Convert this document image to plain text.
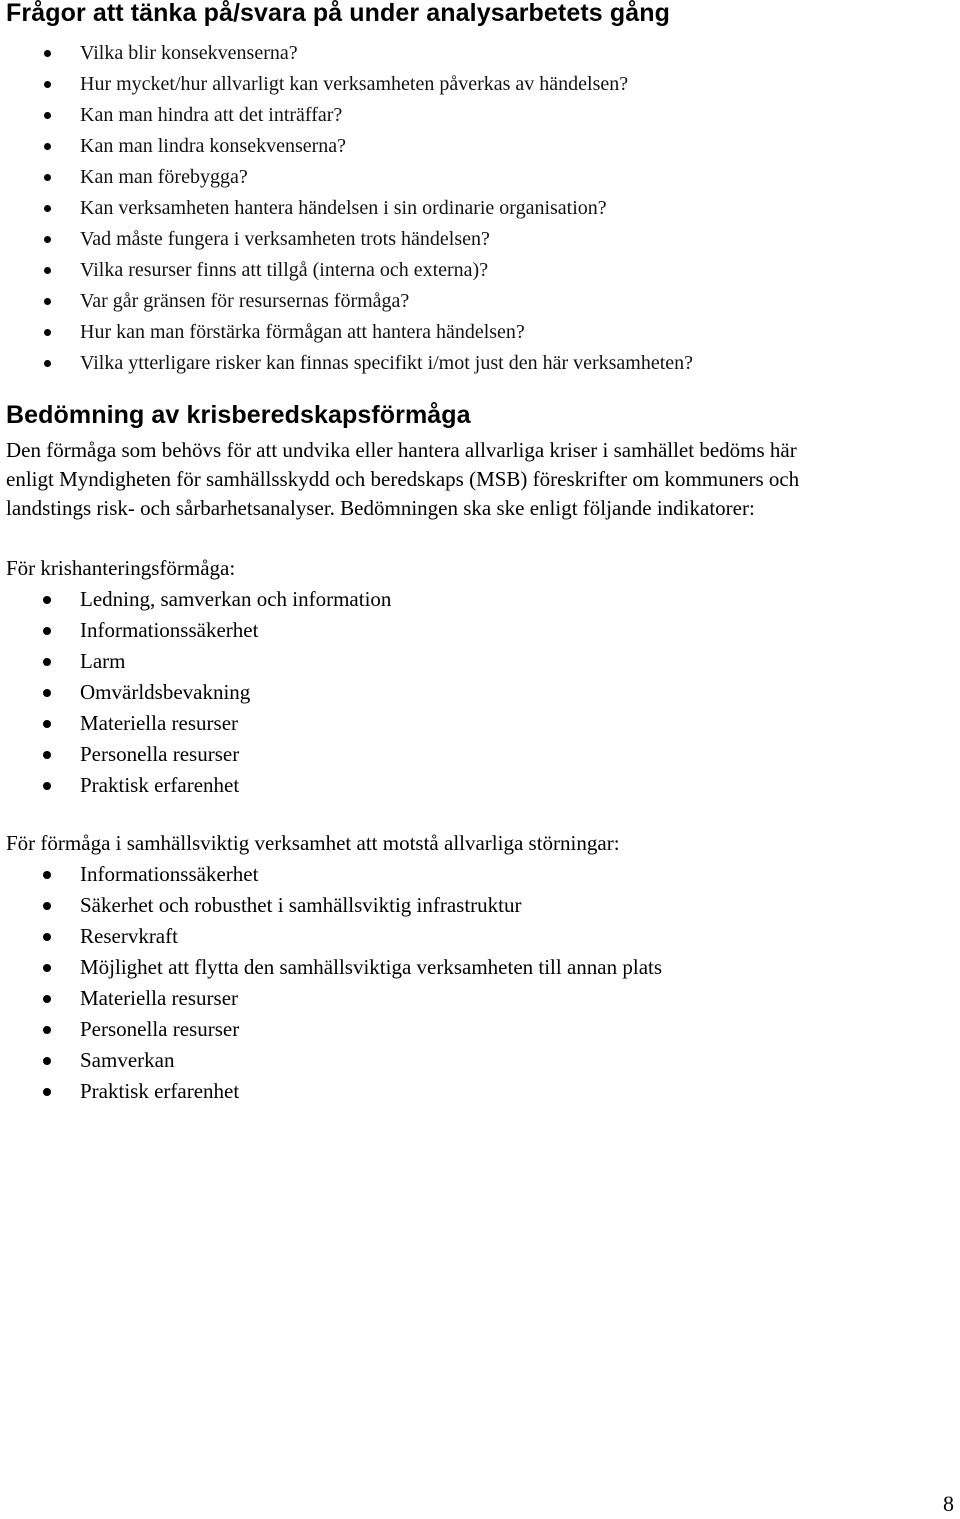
Frågor att tänka på/svara på under analysarbetets gång
Vilka blir konsekvenserna?
Hur mycket/hur allvarligt kan verksamheten påverkas av händelsen?
Kan man hindra att det inträffar?
Kan man lindra konsekvenserna?
Kan man förebygga?
Kan verksamheten hantera händelsen i sin ordinarie organisation?
Vad måste fungera i verksamheten trots händelsen?
Vilka resurser finns att tillgå (interna och externa)?
Var går gränsen för resursernas förmåga?
Hur kan man förstärka förmågan att hantera händelsen?
Vilka ytterligare risker kan finnas specifikt i/mot just den här verksamheten?
Bedömning av krisberedskapsförmåga

Den förmåga som behövs för att undvika eller hantera allvarliga kriser i samhället bedöms här
enligt Myndigheten för samhällsskydd och beredskaps (MSB) föreskrifter om kommuners och
landstings risk- och sårbarhetsanalyser. Bedömningen ska ske enligt följande indikatorer:

För krishanteringsförmåga:
Ledning, samverkan och information
Informationssäkerhet
Larm
Omvärldsbevakning
Materiella resurser
Personella resurser
Praktisk erfarenhet
För förmåga i samhällsviktig verksamhet att motstå allvarliga störningar:
Informationssäkerhet
Säkerhet och robusthet i samhällsviktig infrastruktur
Reservkraft
Möjlighet att flytta den samhällsviktiga verksamheten till annan plats
Materiella resurser
Personella resurser
Samverkan
Praktisk erfarenhet
8
